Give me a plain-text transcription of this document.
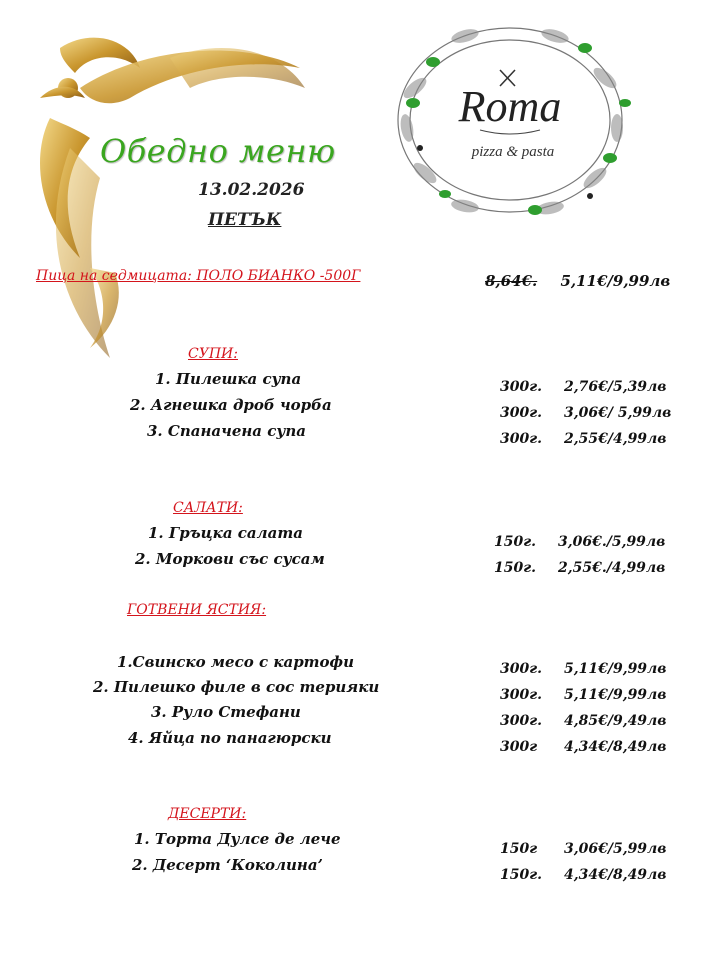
Roma
pizza & pasta
Обедно меню
13.02.2026
ПЕТЪК
Пица на седмицата: ПОЛО БИАНКО -500Г	8,64€. 5,11€/9,99лв
СУПИ:
1. Пилешка супа
2. Агнешка дроб чорба
3. Спаначена супа
300г. 2,76€/5,39лв
300г. 3,06€/ 5,99лв
300г. 2,55€/4,99лв
САЛАТИ:
1. Гръцка салата
2. Моркови със сусам
150г. 3,06€./5,99лв
150г. 2,55€./4,99лв
ГОТВЕНИ ЯСТИЯ:
1.Свинско месо с картофи
2. Пилешко филе в сос терияки
3. Руло Стефани
4. Яйца по панагюрски
300г. 5,11€/9,99лв
300г. 5,11€/9,99лв
300г. 4,85€/9,49лв
300г 4,34€/8,49лв
ДЕСЕРТИ:
1. Торта Дулсе де лече
2. Десерт ‘Коколина’
150г 3,06€/5,99лв
150г. 4,34€/8,49лв
